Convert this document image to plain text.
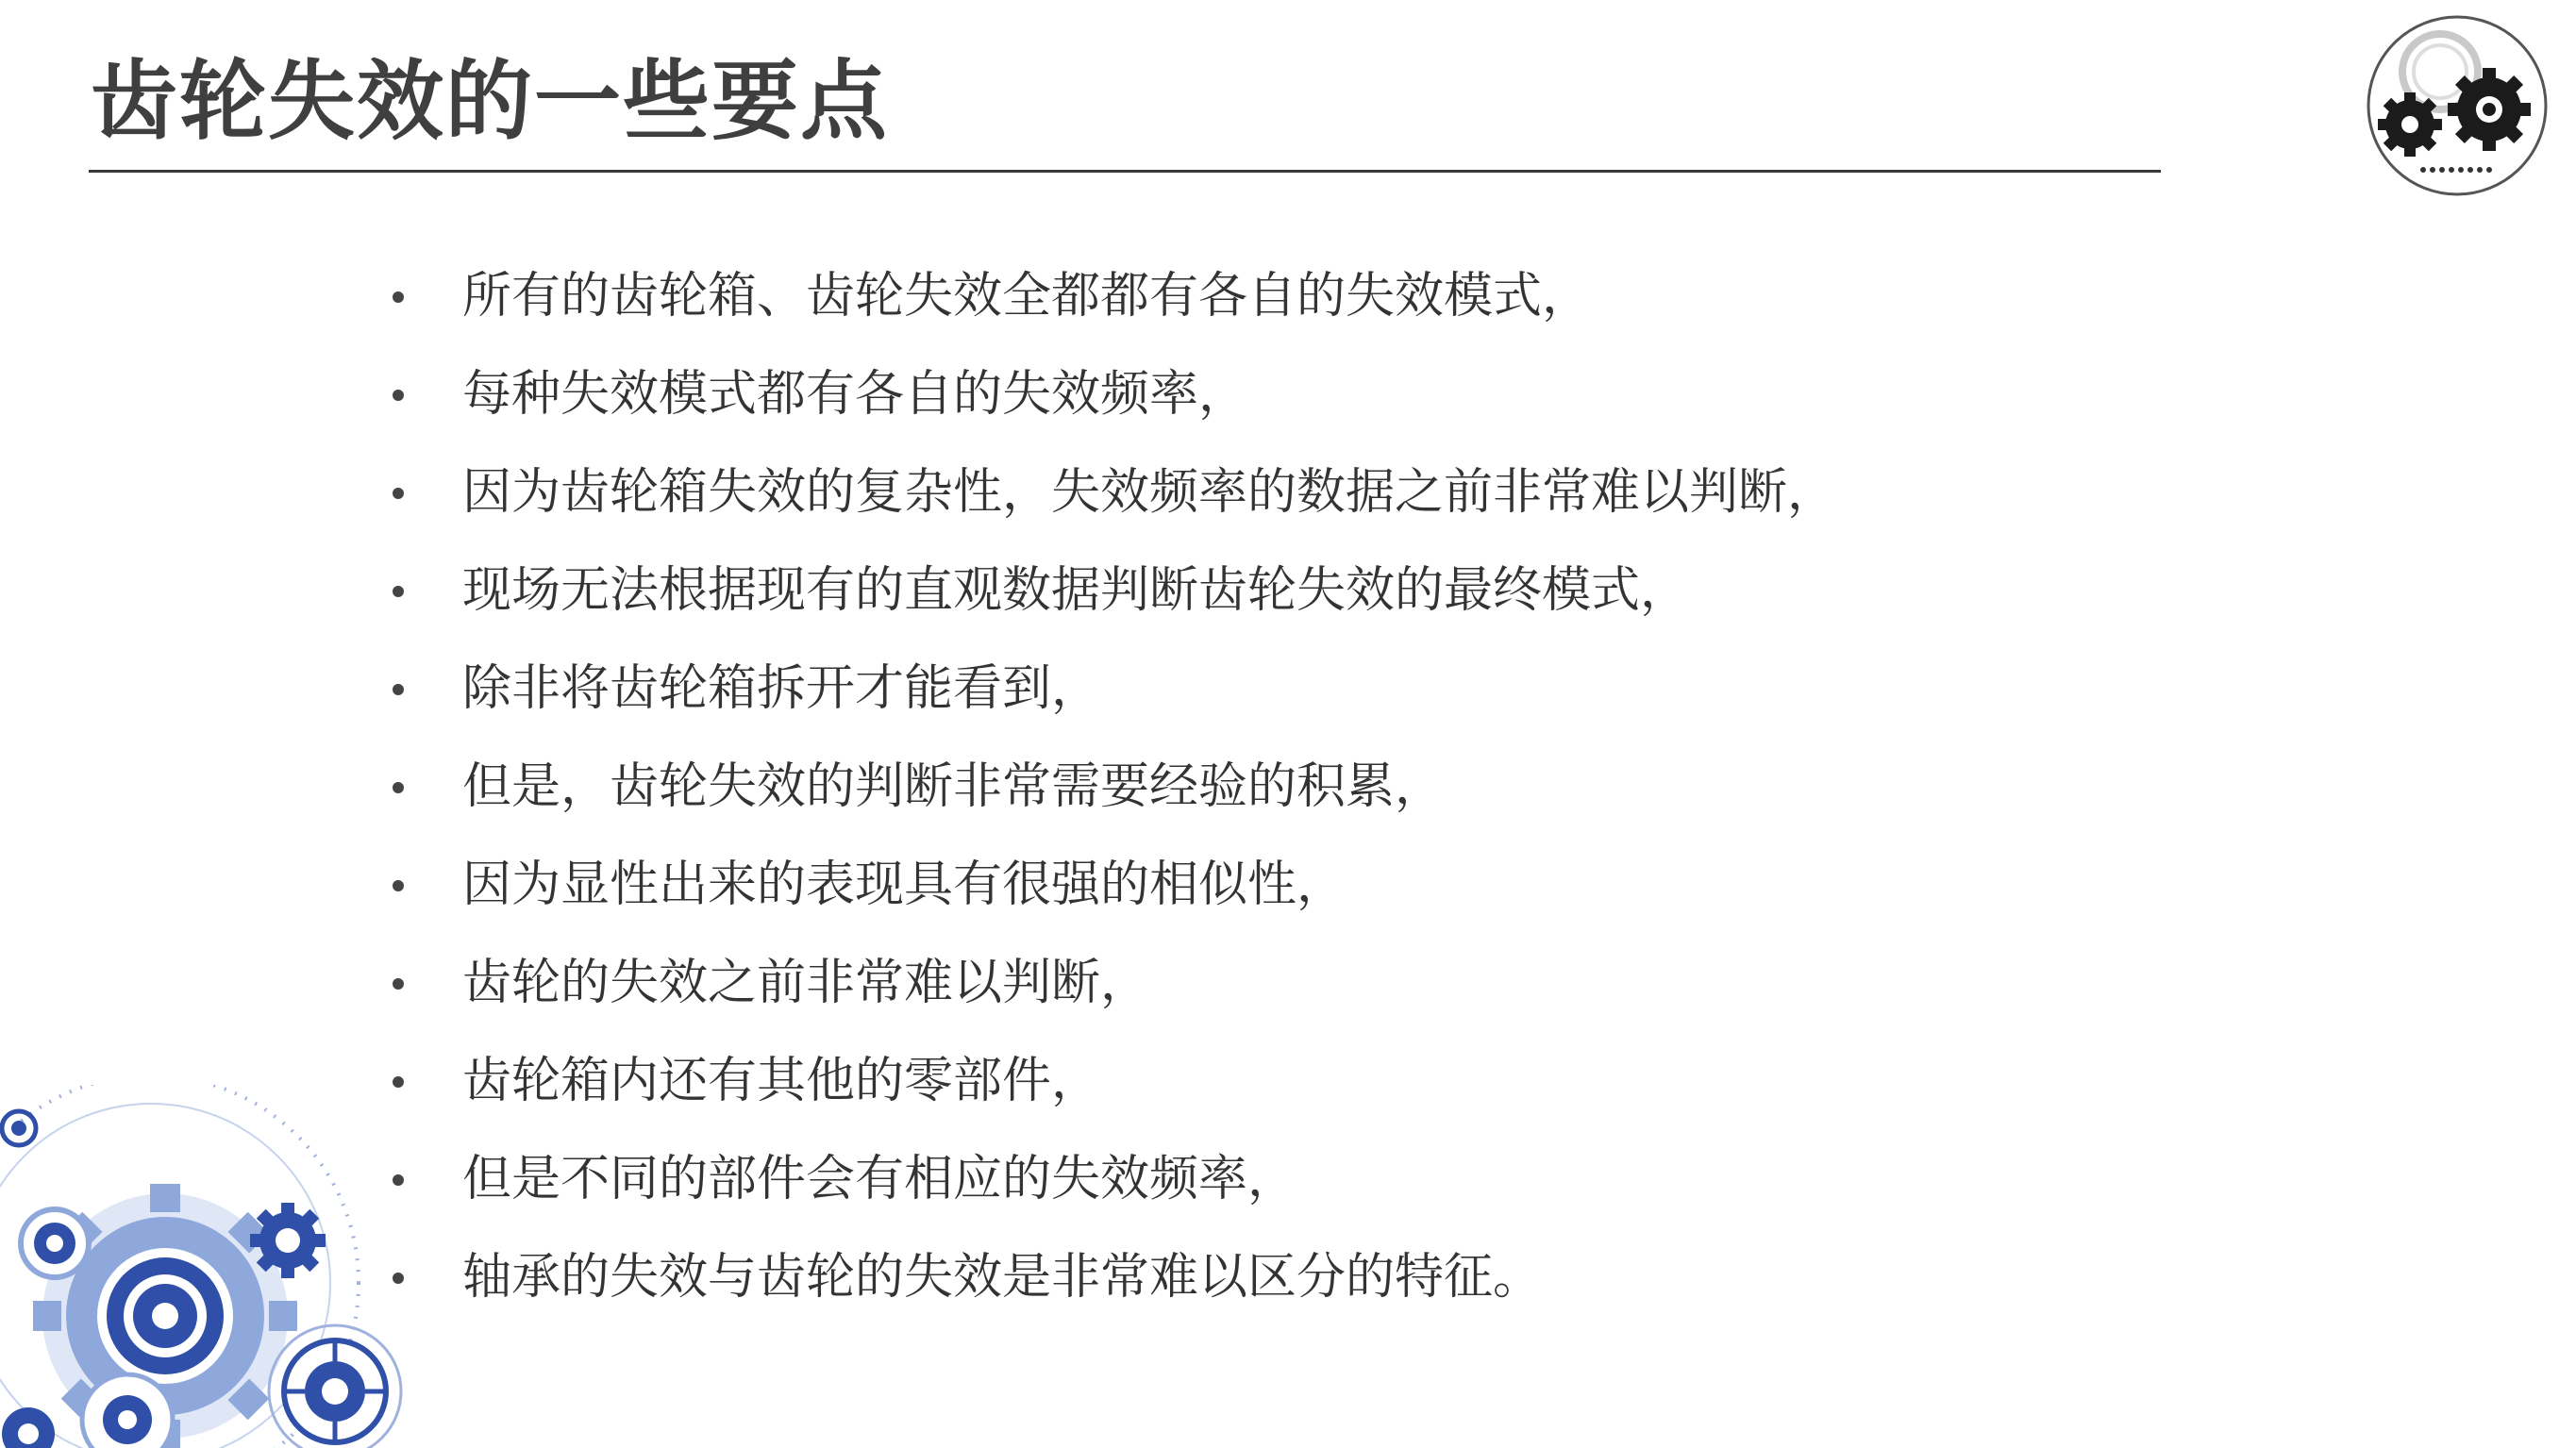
齿轮失效的一些要点
所有的齿轮箱、齿轮失效全都都有各自的失效模式，
每种失效模式都有各自的失效频率，
因为齿轮箱失效的复杂性，失效频率的数据之前非常难以判断，
现场无法根据现有的直观数据判断齿轮失效的最终模式，
除非将齿轮箱拆开才能看到，
但是，齿轮失效的判断非常需要经验的积累，
因为显性出来的表现具有很强的相似性，
齿轮的失效之前非常难以判断，
齿轮箱内还有其他的零部件，
但是不同的部件会有相应的失效频率，
轴承的失效与齿轮的失效是非常难以区分的特征。
